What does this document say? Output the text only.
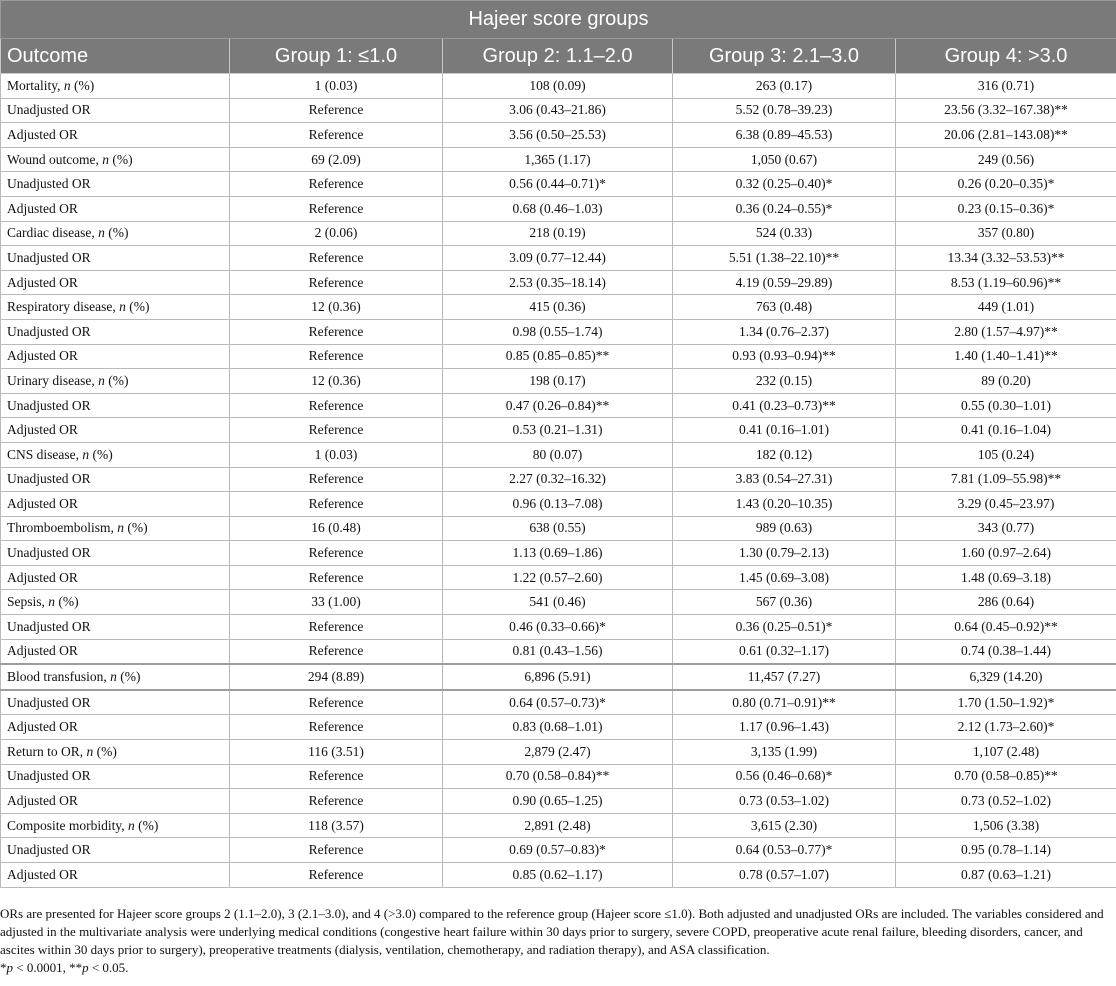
Hajeer score groups				
Outcome	Group 1: ≤1.0	Group 2: 1.1–2.0	Group 3: 2.1–3.0	Group 4: >3.0
Mortality, n (%)	1 (0.03)	108 (0.09)	263 (0.17)	316 (0.71)
Unadjusted OR	Reference	3.06 (0.43–21.86)	5.52 (0.78–39.23)	23.56 (3.32–167.38)**
Adjusted OR	Reference	3.56 (0.50–25.53)	6.38 (0.89–45.53)	20.06 (2.81–143.08)**
Wound outcome, n (%)	69 (2.09)	1,365 (1.17)	1,050 (0.67)	249 (0.56)
Unadjusted OR	Reference	0.56 (0.44–0.71)*	0.32 (0.25–0.40)*	0.26 (0.20–0.35)*
Adjusted OR	Reference	0.68 (0.46–1.03)	0.36 (0.24–0.55)*	0.23 (0.15–0.36)*
Cardiac disease, n (%)	2 (0.06)	218 (0.19)	524 (0.33)	357 (0.80)
Unadjusted OR	Reference	3.09 (0.77–12.44)	5.51 (1.38–22.10)**	13.34 (3.32–53.53)**
Adjusted OR	Reference	2.53 (0.35–18.14)	4.19 (0.59–29.89)	8.53 (1.19–60.96)**
Respiratory disease, n (%)	12 (0.36)	415 (0.36)	763 (0.48)	449 (1.01)
Unadjusted OR	Reference	0.98 (0.55–1.74)	1.34 (0.76–2.37)	2.80 (1.57–4.97)**
Adjusted OR	Reference	0.85 (0.85–0.85)**	0.93 (0.93–0.94)**	1.40 (1.40–1.41)**
Urinary disease, n (%)	12 (0.36)	198 (0.17)	232 (0.15)	89 (0.20)
Unadjusted OR	Reference	0.47 (0.26–0.84)**	0.41 (0.23–0.73)**	0.55 (0.30–1.01)
Adjusted OR	Reference	0.53 (0.21–1.31)	0.41 (0.16–1.01)	0.41 (0.16–1.04)
CNS disease, n (%)	1 (0.03)	80 (0.07)	182 (0.12)	105 (0.24)
Unadjusted OR	Reference	2.27 (0.32–16.32)	3.83 (0.54–27.31)	7.81 (1.09–55.98)**
Adjusted OR	Reference	0.96 (0.13–7.08)	1.43 (0.20–10.35)	3.29 (0.45–23.97)
Thromboembolism, n (%)	16 (0.48)	638 (0.55)	989 (0.63)	343 (0.77)
Unadjusted OR	Reference	1.13 (0.69–1.86)	1.30 (0.79–2.13)	1.60 (0.97–2.64)
Adjusted OR	Reference	1.22 (0.57–2.60)	1.45 (0.69–3.08)	1.48 (0.69–3.18)
Sepsis, n (%)	33 (1.00)	541 (0.46)	567 (0.36)	286 (0.64)
Unadjusted OR	Reference	0.46 (0.33–0.66)*	0.36 (0.25–0.51)*	0.64 (0.45–0.92)**
Adjusted OR	Reference	0.81 (0.43–1.56)	0.61 (0.32–1.17)	0.74 (0.38–1.44)
Blood transfusion, n (%)	294 (8.89)	6,896 (5.91)	11,457 (7.27)	6,329 (14.20)
Unadjusted OR	Reference	0.64 (0.57–0.73)*	0.80 (0.71–0.91)**	1.70 (1.50–1.92)*
Adjusted OR	Reference	0.83 (0.68–1.01)	1.17 (0.96–1.43)	2.12 (1.73–2.60)*
Return to OR, n (%)	116 (3.51)	2,879 (2.47)	3,135 (1.99)	1,107 (2.48)
Unadjusted OR	Reference	0.70 (0.58–0.84)**	0.56 (0.46–0.68)*	0.70 (0.58–0.85)**
Adjusted OR	Reference	0.90 (0.65–1.25)	0.73 (0.53–1.02)	0.73 (0.52–1.02)
Composite morbidity, n (%)	118 (3.57)	2,891 (2.48)	3,615 (2.30)	1,506 (3.38)
Unadjusted OR	Reference	0.69 (0.57–0.83)*	0.64 (0.53–0.77)*	0.95 (0.78–1.14)
Adjusted OR	Reference	0.85 (0.62–1.17)	0.78 (0.57–1.07)	0.87 (0.63–1.21)

ORs are presented for Hajeer score groups 2 (1.1–2.0), 3 (2.1–3.0), and 4 (>3.0) compared to the reference group (Hajeer score ≤1.0). Both adjusted and unadjusted ORs are included. The variables considered and adjusted in the multivariate analysis were underlying medical conditions (congestive heart failure within 30 days prior to surgery, severe COPD, preoperative acute renal failure, bleeding disorders, cancer, and ascites within 30 days prior to surgery), preoperative treatments (dialysis, ventilation, chemotherapy, and radiation therapy), and ASA classification.

*p < 0.0001, **p < 0.05.
